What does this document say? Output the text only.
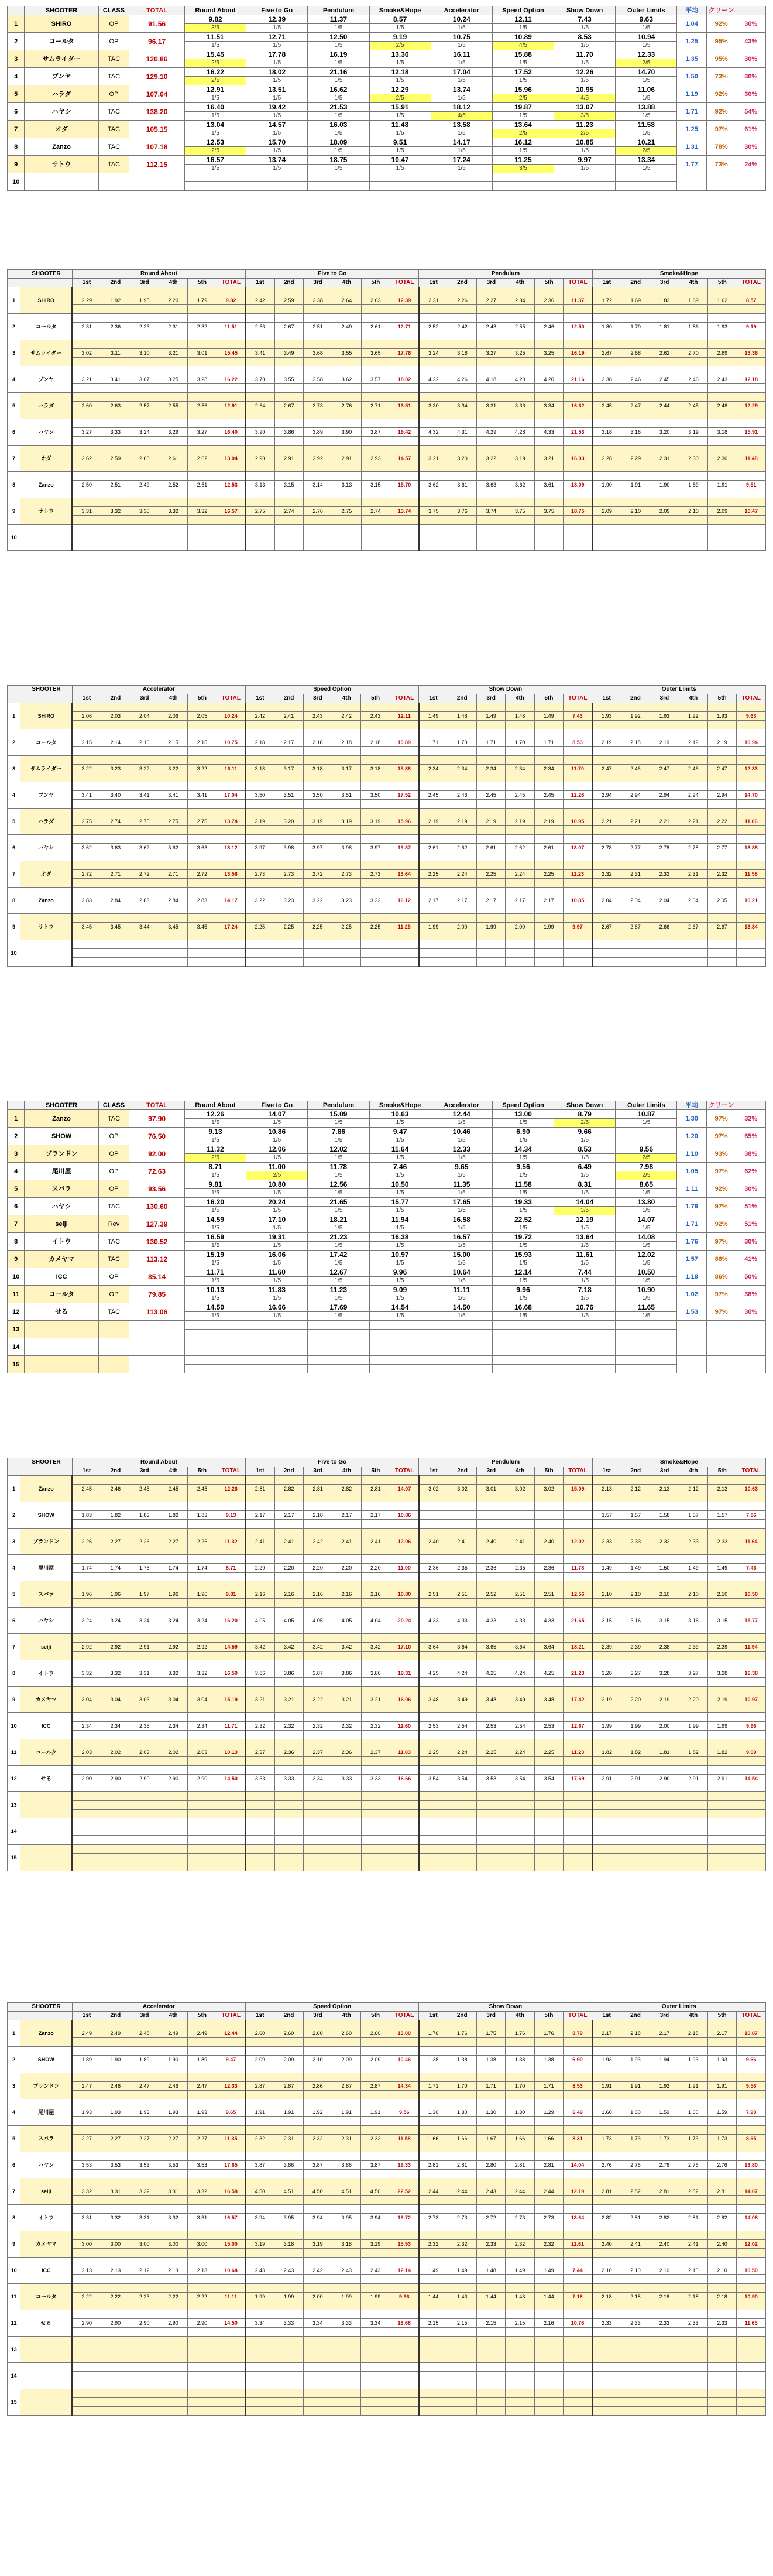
	SHOOTER	CLASS	TOTAL	Round About	Five to Go	Pendulum	Smoke&Hope	Accelerator	Speed Option	Show Down	Outer Limits	平均	クリーン	
1	SHIRO	OP	91.56	9.82	12.39	11.37	8.57	10.24	12.11	7.43	9.63	1.04	92%	30%
				3/5	1/5	1/5	1/5	1/5	1/5	1/5	1/5			
2	コールタ	OP	96.17	11.51	12.71	12.50	9.19	10.75	10.89	8.53	10.94	1.25	95%	43%
				1/5	1/5	1/5	2/5	1/5	4/5	1/5	1/5			
3	サムライダー	TAC	120.86	15.45	17.78	16.19	13.36	16.11	15.88	11.70	12.33	1.35	95%	30%
				2/5	1/5	1/5	1/5	1/5	1/5	1/5	2/5			
4	ブンヤ	TAC	129.10	16.22	18.02	21.16	12.18	17.04	17.52	12.26	14.70	1.50	73%	30%
				2/5	1/5	1/5	1/5	1/5	1/5	1/5	1/5			
5	ハラダ	OP	107.04	12.91	13.51	16.62	12.29	13.74	15.96	10.95	11.06	1.19	92%	30%
				1/5	1/5	1/5	2/5	1/5	2/5	4/5	1/5			
6	ハヤシ	TAC	138.20	16.40	19.42	21.53	15.91	18.12	19.87	13.07	13.88	1.71	92%	54%
				1/5	1/5	1/5	1/5	4/5	1/5	3/5	1/5			
7	オダ	TAC	105.15	13.04	14.57	16.03	11.48	13.58	13.64	11.23	11.58	1.25	97%	61%
				1/5	1/5	1/5	1/5	1/5	2/5	2/5	1/5			
8	Zanzo	TAC	107.18	12.53	15.70	18.09	9.51	14.17	16.12	10.85	10.21	1.31	78%	30%
				2/5	1/5	1/5	1/5	1/5	1/5	1/5	2/5			
9	サトウ	TAC	112.15	16.57	13.74	18.75	10.47	17.24	11.25	9.97	13.34	1.77	73%	24%
				1/5	1/5	1/5	1/5	1/5	3/5	1/5	1/5			
10														

	SHOOTER	Round About						Five to Go						Pendulum						Smoke&Hope					
		1st	2nd	3rd	4th	5th	TOTAL	1st	2nd	3rd	4th	5th	TOTAL	1st	2nd	3rd	4th	5th	TOTAL	1st	2nd	3rd	4th	5th	TOTAL
1	SHIRO																								
		2.29	1.92	1.95	2.20	1.79	9.82	2.42	2.59	2.38	2.64	2.63	12.39	2.31	2.26	2.27	2.34	2.36	11.37	1.72	1.69	1.83	1.69	1.62	8.57

2	コールタ																								
		2.31	2.36	2.23	2.31	2.32	11.51	2.53	2.67	2.51	2.49	2.61	12.71	2.52	2.42	2.43	2.55	2.46	12.50	1.80	1.79	1.81	1.86	1.93	9.19

3	サムライダー																								
		3.02	3.11	3.10	3.21	3.01	15.45	3.41	3.49	3.68	3.55	3.65	17.78	3.24	3.18	3.27	3.25	3.25	16.19	2.67	2.68	2.62	2.70	2.69	13.36

4	ブンヤ																								
		3.21	3.41	3.07	3.25	3.28	16.22	3.70	3.55	3.58	3.62	3.57	18.02	4.32	4.26	4.18	4.20	4.20	21.16	2.38	2.46	2.45	2.46	2.43	12.18

5	ハラダ																								
		2.60	2.63	2.57	2.55	2.56	12.91	2.64	2.67	2.73	2.76	2.71	13.51	3.30	3.34	3.31	3.33	3.34	16.62	2.45	2.47	2.44	2.45	2.48	12.29

6	ハヤシ																								
		3.27	3.33	3.24	3.29	3.27	16.40	3.90	3.86	3.89	3.90	3.87	19.42	4.32	4.31	4.29	4.28	4.33	21.53	3.18	3.16	3.20	3.19	3.18	15.91

7	オダ																								
		2.62	2.59	2.60	2.61	2.62	13.04	2.90	2.91	2.92	2.91	2.93	14.57	3.21	3.20	3.22	3.19	3.21	16.03	2.28	2.29	2.31	2.30	2.30	11.48

8	Zanzo																								
		2.50	2.51	2.49	2.52	2.51	12.53	3.13	3.15	3.14	3.13	3.15	15.70	3.62	3.61	3.63	3.62	3.61	18.09	1.90	1.91	1.90	1.89	1.91	9.51

9	サトウ																								
		3.31	3.32	3.30	3.32	3.32	16.57	2.75	2.74	2.76	2.75	2.74	13.74	3.75	3.76	3.74	3.75	3.75	18.75	2.09	2.10	2.09	2.10	2.09	10.47

10																									

	SHOOTER	Accelerator						Speed Option						Show Down						Outer Limits					
		1st	2nd	3rd	4th	5th	TOTAL	1st	2nd	3rd	4th	5th	TOTAL	1st	2nd	3rd	4th	5th	TOTAL	1st	2nd	3rd	4th	5th	TOTAL
1	SHIRO																								
		2.06	2.03	2.04	2.06	2.05	10.24	2.42	2.41	2.43	2.42	2.43	12.11	1.49	1.48	1.49	1.48	1.49	7.43	1.93	1.92	1.93	1.92	1.93	9.63

2	コールタ																								
		2.15	2.14	2.16	2.15	2.15	10.75	2.18	2.17	2.18	2.18	2.18	10.89	1.71	1.70	1.71	1.70	1.71	8.53	2.19	2.18	2.19	2.19	2.19	10.94

3	サムライダー																								
		3.22	3.23	3.22	3.22	3.22	16.11	3.18	3.17	3.18	3.17	3.18	15.88	2.34	2.34	2.34	2.34	2.34	11.70	2.47	2.46	2.47	2.46	2.47	12.33

4	ブンヤ																								
		3.41	3.40	3.41	3.41	3.41	17.04	3.50	3.51	3.50	3.51	3.50	17.52	2.45	2.46	2.45	2.45	2.45	12.26	2.94	2.94	2.94	2.94	2.94	14.70

5	ハラダ																								
		2.75	2.74	2.75	2.75	2.75	13.74	3.19	3.20	3.19	3.19	3.19	15.96	2.19	2.19	2.19	2.19	2.19	10.95	2.21	2.21	2.21	2.21	2.22	11.06

6	ハヤシ																								
		3.62	3.63	3.62	3.62	3.63	18.12	3.97	3.98	3.97	3.98	3.97	19.87	2.61	2.62	2.61	2.62	2.61	13.07	2.78	2.77	2.78	2.78	2.77	13.88

7	オダ																								
		2.72	2.71	2.72	2.71	2.72	13.58	2.73	2.73	2.72	2.73	2.73	13.64	2.25	2.24	2.25	2.24	2.25	11.23	2.32	2.31	2.32	2.31	2.32	11.58

8	Zanzo																								
		2.83	2.84	2.83	2.84	2.83	14.17	3.22	3.23	3.22	3.23	3.22	16.12	2.17	2.17	2.17	2.17	2.17	10.85	2.04	2.04	2.04	2.04	2.05	10.21

9	サトウ																								
		3.45	3.45	3.44	3.45	3.45	17.24	2.25	2.25	2.25	2.25	2.25	11.25	1.99	2.00	1.99	2.00	1.99	9.97	2.67	2.67	2.66	2.67	2.67	13.34

10																									

	SHOOTER	CLASS	TOTAL	Round About	Five to Go	Pendulum	Smoke&Hope	Accelerator	Speed Option	Show Down	Outer Limits	平均	クリーン	
1	Zanzo	TAC	97.90	12.26	14.07	15.09	10.63	12.44	13.00	8.79	10.87	1.30	97%	32%
				1/5	1/5	1/5	1/5	1/5	1/5	2/5	1/5			
2	SHOW	OP	76.50	9.13	10.86	7.86	9.47	10.46	6.90	9.66		1.20	97%	65%
				1/5	1/5	1/5	1/5	1/5	1/5	1/5				
3	ブランドン	OP	92.00	11.32	12.06	12.02	11.64	12.33	14.34	8.53	9.56	1.10	93%	38%
				2/5	1/5	1/5	1/5	1/5	1/5	1/5	2/5			
4	尾川屋	OP	72.63	8.71	11.00	11.78	7.46	9.65	9.56	6.49	7.98	1.05	97%	62%
				1/5	2/5	1/5	1/5	1/5	1/5	1/5	2/5			
5	スバラ	OP	93.56	9.81	10.80	12.56	10.50	11.35	11.58	8.31	8.65	1.11	92%	30%
				1/5	1/5	1/5	1/5	1/5	1/5	1/5	1/5			
6	ハヤシ	TAC	130.60	16.20	20.24	21.65	15.77	17.65	19.33	14.04	13.80	1.79	97%	51%
				1/5	1/5	1/5	1/5	1/5	1/5	3/5	1/5			
7	seiji	Rev	127.39	14.59	17.10	18.21	11.94	16.58	22.52	12.19	14.07	1.71	92%	51%
				1/5	1/5	1/5	1/5	1/5	1/5	1/5	1/5			
8	イトウ	TAC	130.52	16.59	19.31	21.23	16.38	16.57	19.72	13.64	14.08	1.76	97%	30%
				1/5	1/5	1/5	1/5	1/5	1/5	1/5	1/5			
9	カメヤマ	TAC	113.12	15.19	16.06	17.42	10.97	15.00	15.93	11.61	12.02	1.57	86%	41%
				1/5	1/5	1/5	1/5	1/5	1/5	1/5	1/5			
10	ICC	OP	85.14	11.71	11.60	12.67	9.96	10.64	12.14	7.44	10.50	1.18	86%	50%
				1/5	1/5	1/5	1/5	1/5	1/5	1/5	1/5			
11	コールタ	OP	79.85	10.13	11.83	11.23	9.09	11.11	9.96	7.18	10.90	1.02	97%	38%
				1/5	1/5	1/5	1/5	1/5	1/5	1/5	1/5			
12	せる	TAC	113.06	14.50	16.66	17.69	14.54	14.50	16.68	10.76	11.65	1.53	97%	30%
				1/5	1/5	1/5	1/5	1/5	1/5	1/5	1/5			
13														

14														

15														

	SHOOTER	Round About						Five to Go						Pendulum						Smoke&Hope					
		1st	2nd	3rd	4th	5th	TOTAL	1st	2nd	3rd	4th	5th	TOTAL	1st	2nd	3rd	4th	5th	TOTAL	1st	2nd	3rd	4th	5th	TOTAL
1	Zanzo																								
		2.45	2.46	2.45	2.45	2.45	12.26	2.81	2.82	2.81	2.82	2.81	14.07	3.02	3.02	3.01	3.02	3.02	15.09	2.13	2.12	2.13	2.12	2.13	10.63

2	SHOW																								
		1.83	1.82	1.83	1.82	1.83	9.13	2.17	2.17	2.18	2.17	2.17	10.86							1.57	1.57	1.58	1.57	1.57	7.86

3	ブランドン																								
		2.26	2.27	2.26	2.27	2.26	11.32	2.41	2.41	2.42	2.41	2.41	12.06	2.40	2.41	2.40	2.41	2.40	12.02	2.33	2.33	2.32	2.33	2.33	11.64

4	尾川屋																								
		1.74	1.74	1.75	1.74	1.74	8.71	2.20	2.20	2.20	2.20	2.20	11.00	2.36	2.35	2.36	2.35	2.36	11.78	1.49	1.49	1.50	1.49	1.49	7.46

5	スバラ																								
		1.96	1.96	1.97	1.96	1.96	9.81	2.16	2.16	2.16	2.16	2.16	10.80	2.51	2.51	2.52	2.51	2.51	12.56	2.10	2.10	2.10	2.10	2.10	10.50

6	ハヤシ																								
		3.24	3.24	3.24	3.24	3.24	16.20	4.05	4.05	4.05	4.05	4.04	20.24	4.33	4.33	4.33	4.33	4.33	21.65	3.15	3.16	3.15	3.16	3.15	15.77

7	seiji																								
		2.92	2.92	2.91	2.92	2.92	14.59	3.42	3.42	3.42	3.42	3.42	17.10	3.64	3.64	3.65	3.64	3.64	18.21	2.39	2.39	2.38	2.39	2.39	11.94

8	イトウ																								
		3.32	3.32	3.31	3.32	3.32	16.59	3.86	3.86	3.87	3.86	3.86	19.31	4.25	4.24	4.25	4.24	4.25	21.23	3.28	3.27	3.28	3.27	3.28	16.38

9	カメヤマ																								
		3.04	3.04	3.03	3.04	3.04	15.19	3.21	3.21	3.22	3.21	3.21	16.06	3.48	3.49	3.48	3.49	3.48	17.42	2.19	2.20	2.19	2.20	2.19	10.97

10	ICC																								
		2.34	2.34	2.35	2.34	2.34	11.71	2.32	2.32	2.32	2.32	2.32	11.60	2.53	2.54	2.53	2.54	2.53	12.67	1.99	1.99	2.00	1.99	1.99	9.96

11	コールタ																								
		2.03	2.02	2.03	2.02	2.03	10.13	2.37	2.36	2.37	2.36	2.37	11.83	2.25	2.24	2.25	2.24	2.25	11.23	1.82	1.82	1.81	1.82	1.82	9.09

12	せる																								
		2.90	2.90	2.90	2.90	2.90	14.50	3.33	3.33	3.34	3.33	3.33	16.66	3.54	3.54	3.53	3.54	3.54	17.69	2.91	2.91	2.90	2.91	2.91	14.54

13																									

14																									

15																									

	SHOOTER	Accelerator						Speed Option						Show Down						Outer Limits					
		1st	2nd	3rd	4th	5th	TOTAL	1st	2nd	3rd	4th	5th	TOTAL	1st	2nd	3rd	4th	5th	TOTAL	1st	2nd	3rd	4th	5th	TOTAL
1	Zanzo																								
		2.49	2.49	2.48	2.49	2.49	12.44	2.60	2.60	2.60	2.60	2.60	13.00	1.76	1.76	1.75	1.76	1.76	8.79	2.17	2.18	2.17	2.18	2.17	10.87

2	SHOW																								
		1.89	1.90	1.89	1.90	1.89	9.47	2.09	2.09	2.10	2.09	2.09	10.46	1.38	1.38	1.38	1.38	1.38	6.90	1.93	1.93	1.94	1.93	1.93	9.66

3	ブランドン																								
		2.47	2.46	2.47	2.46	2.47	12.33	2.87	2.87	2.86	2.87	2.87	14.34	1.71	1.70	1.71	1.70	1.71	8.53	1.91	1.91	1.92	1.91	1.91	9.56

4	尾川屋																								
		1.93	1.93	1.93	1.93	1.93	9.65	1.91	1.91	1.92	1.91	1.91	9.56	1.30	1.30	1.30	1.30	1.29	6.49	1.60	1.60	1.59	1.60	1.59	7.98

5	スバラ																								
		2.27	2.27	2.27	2.27	2.27	11.35	2.32	2.31	2.32	2.31	2.32	11.58	1.66	1.66	1.67	1.66	1.66	8.31	1.73	1.73	1.73	1.73	1.73	8.65

6	ハヤシ																								
		3.53	3.53	3.53	3.53	3.53	17.65	3.87	3.86	3.87	3.86	3.87	19.33	2.81	2.81	2.80	2.81	2.81	14.04	2.76	2.76	2.76	2.76	2.76	13.80

7	seiji																								
		3.32	3.31	3.32	3.31	3.32	16.58	4.50	4.51	4.50	4.51	4.50	22.52	2.44	2.44	2.43	2.44	2.44	12.19	2.81	2.82	2.81	2.82	2.81	14.07

8	イトウ																								
		3.31	3.32	3.31	3.32	3.31	16.57	3.94	3.95	3.94	3.95	3.94	19.72	2.73	2.73	2.72	2.73	2.73	13.64	2.82	2.81	2.82	2.81	2.82	14.08

9	カメヤマ																								
		3.00	3.00	3.00	3.00	3.00	15.00	3.19	3.18	3.19	3.18	3.19	15.93	2.32	2.32	2.33	2.32	2.32	11.61	2.40	2.41	2.40	2.41	2.40	12.02

10	ICC																								
		2.13	2.13	2.12	2.13	2.13	10.64	2.43	2.43	2.42	2.43	2.43	12.14	1.49	1.49	1.48	1.49	1.49	7.44	2.10	2.10	2.10	2.10	2.10	10.50

11	コールタ																								
		2.22	2.22	2.23	2.22	2.22	11.11	1.99	1.99	2.00	1.99	1.99	9.96	1.44	1.43	1.44	1.43	1.44	7.18	2.18	2.18	2.18	2.18	2.18	10.90

12	せる																								
		2.90	2.90	2.90	2.90	2.90	14.50	3.34	3.33	3.34	3.33	3.34	16.68	2.15	2.15	2.15	2.15	2.16	10.76	2.33	2.33	2.33	2.33	2.33	11.65

13																									

14																									

15																									
